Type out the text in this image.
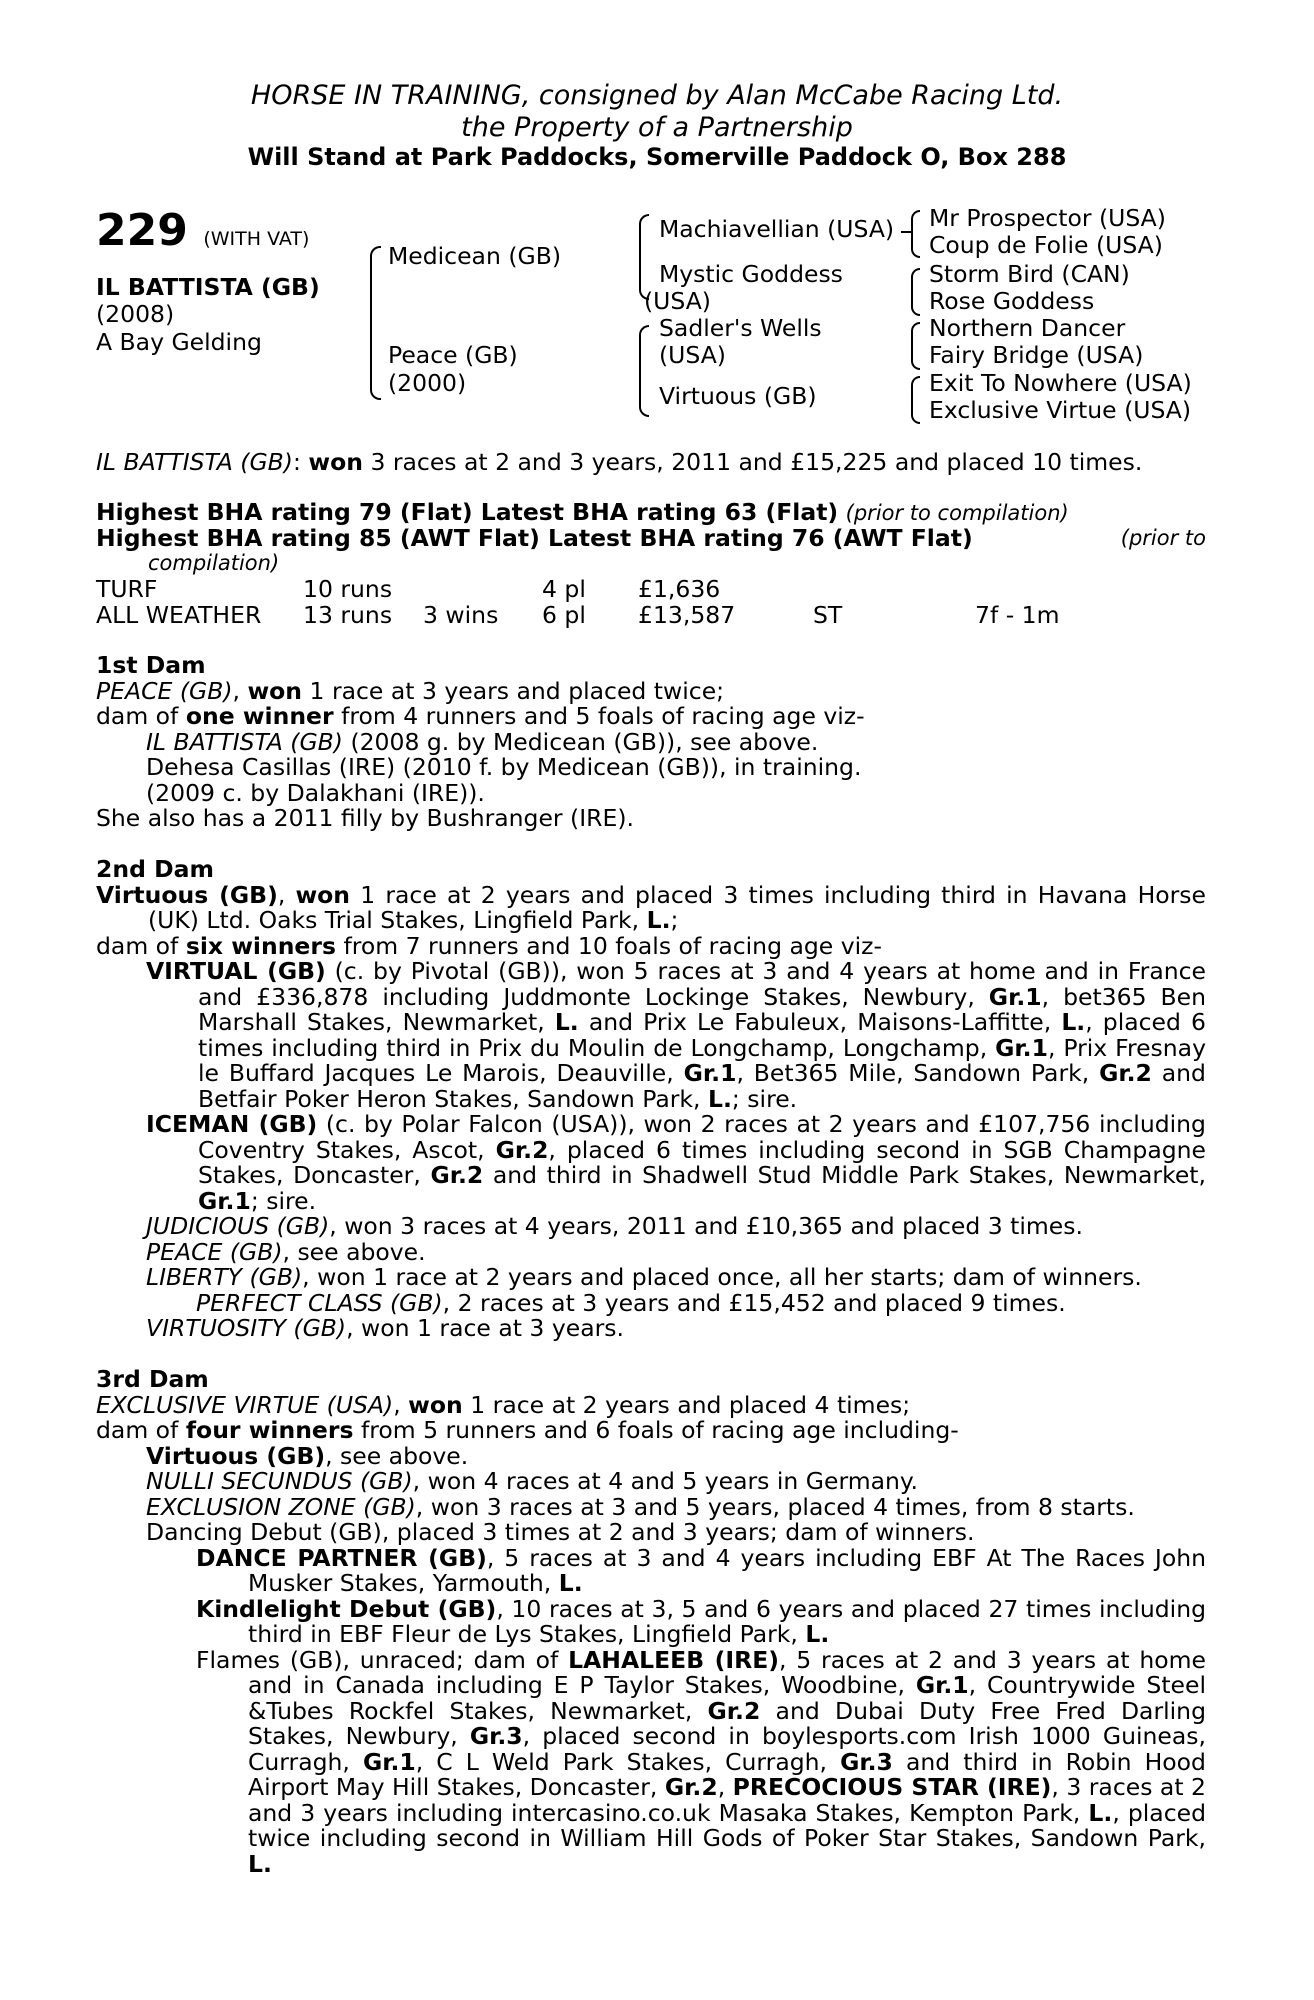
HORSE IN TRAINING, consigned by Alan McCabe Racing Ltd.
the Property of a Partnership
Will Stand at Park Paddocks, Somerville Paddock O, Box 288
229 (WITH VAT)
IL BATTISTA (GB)
(2008)
A Bay Gelding
Medicean (GB)
Peace (GB)
(2000)
Machiavellian (USA)
Mystic Goddess
(USA)
Sadler's Wells
(USA)
Virtuous (GB)
Mr Prospector (USA)
Coup de Folie (USA)
Storm Bird (CAN)
Rose Goddess
Northern Dancer
Fairy Bridge (USA)
Exit To Nowhere (USA)
Exclusive Virtue (USA)
IL BATTISTA (GB): won 3 races at 2 and 3 years, 2011 and £15,225 and placed 10 times.
Highest BHA rating 79 (Flat) Latest BHA rating 63 (Flat) (prior to compilation)
Highest BHA rating 85 (AWT Flat) Latest BHA rating 76 (AWT Flat)	(prior to
compilation)
TURF	10 runs	4 pl £1,636
ALL WEATHER 13 runs 3 wins 6 pl £13,587	ST	7f - 1m
1st Dam
PEACE (GB), won 1 race at 3 years and placed twice;
dam of one winner from 4 runners and 5 foals of racing age viz-
IL BATTISTA (GB) (2008 g. by Medicean (GB)), see above.
Dehesa Casillas (IRE) (2010 f. by Medicean (GB)), in training.
(2009 c. by Dalakhani (IRE)).
She also has a 2011 filly by Bushranger (IRE).
2nd Dam
Virtuous (GB), won 1 race at 2 years and placed 3 times including third in Havana Horse (UK) Ltd. Oaks Trial Stakes, Lingfield Park, L.;
dam of six winners from 7 runners and 10 foals of racing age viz-
VIRTUAL (GB) (c. by Pivotal (GB)), won 5 races at 3 and 4 years at home and in France and £336,878 including Juddmonte Lockinge Stakes, Newbury, Gr.1, bet365 Ben Marshall Stakes, Newmarket, L. and Prix Le Fabuleux, Maisons-Laffitte, L., placed 6 times including third in Prix du Moulin de Longchamp, Longchamp, Gr.1, Prix Fresnay le Buffard Jacques Le Marois, Deauville, Gr.1, Bet365 Mile, Sandown Park, Gr.2 and Betfair Poker Heron Stakes, Sandown Park, L.; sire.
ICEMAN (GB) (c. by Polar Falcon (USA)), won 2 races at 2 years and £107,756 including Coventry Stakes, Ascot, Gr.2, placed 6 times including second in SGB Champagne Stakes, Doncaster, Gr.2 and third in Shadwell Stud Middle Park Stakes, Newmarket, Gr.1; sire.
JUDICIOUS (GB), won 3 races at 4 years, 2011 and £10,365 and placed 3 times.
PEACE (GB), see above.
LIBERTY (GB), won 1 race at 2 years and placed once, all her starts; dam of winners.
PERFECT CLASS (GB), 2 races at 3 years and £15,452 and placed 9 times.
VIRTUOSITY (GB), won 1 race at 3 years.
3rd Dam
EXCLUSIVE VIRTUE (USA), won 1 race at 2 years and placed 4 times;
dam of four winners from 5 runners and 6 foals of racing age including-
Virtuous (GB), see above.
NULLI SECUNDUS (GB), won 4 races at 4 and 5 years in Germany.
EXCLUSION ZONE (GB), won 3 races at 3 and 5 years, placed 4 times, from 8 starts.
Dancing Debut (GB), placed 3 times at 2 and 3 years; dam of winners.
DANCE PARTNER (GB), 5 races at 3 and 4 years including EBF At The Races John Musker Stakes, Yarmouth, L.
Kindlelight Debut (GB), 10 races at 3, 5 and 6 years and placed 27 times including third in EBF Fleur de Lys Stakes, Lingfield Park, L.
Flames (GB), unraced; dam of LAHALEEB (IRE), 5 races at 2 and 3 years at home and in Canada including E P Taylor Stakes, Woodbine, Gr.1, Countrywide Steel &Tubes Rockfel Stakes, Newmarket, Gr.2 and Dubai Duty Free Fred Darling Stakes, Newbury, Gr.3, placed second in boylesports.com Irish 1000 Guineas, Curragh, Gr.1, C L Weld Park Stakes, Curragh, Gr.3 and third in Robin Hood Airport May Hill Stakes, Doncaster, Gr.2, PRECOCIOUS STAR (IRE), 3 races at 2 and 3 years including intercasino.co.uk Masaka Stakes, Kempton Park, L., placed twice including second in William Hill Gods of Poker Star Stakes, Sandown Park, L.
